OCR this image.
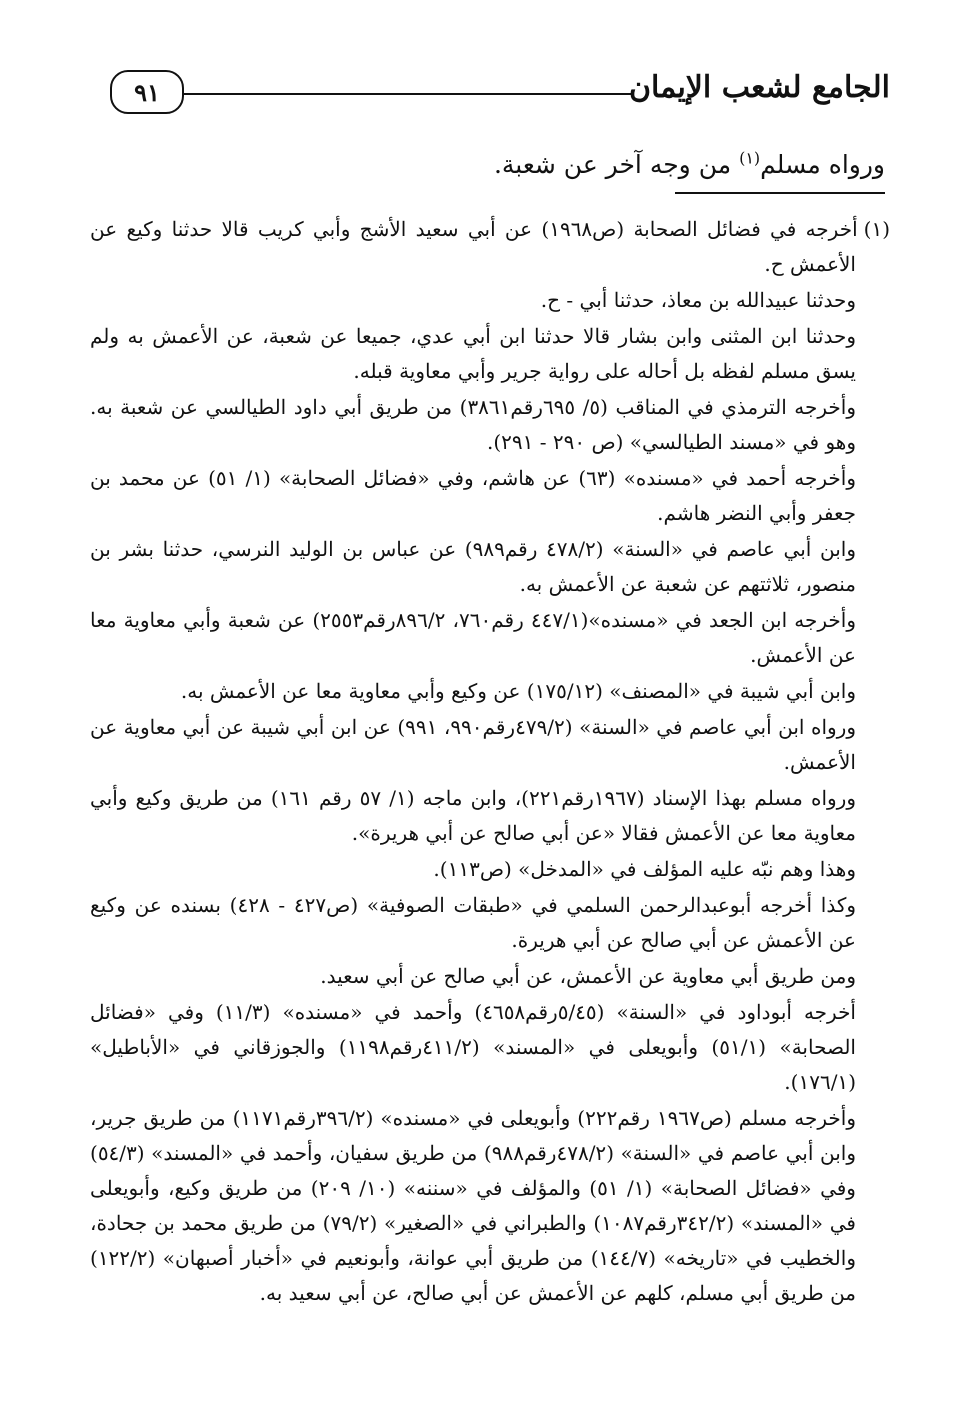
الجامع لشعب الإيمان
٩١
ورواه مسلم$^{(١)}$ من وجه آخر عن شعبة.

(١)أخرجه في فضائل الصحابة (ص١٩٦٨) عن أبي سعيد الأشج وأبي كريب قالا حدثنا وكيع عن الأعمش ح.

وحدثنا عبيدالله بن معاذ، حدثنا أبي - ح.

وحدثنا ابن المثنى وابن بشار قالا حدثنا ابن أبي عدي، جميعا عن شعبة، عن الأعمش به ولم يسق مسلم لفظه بل أحاله على رواية جرير وأبي معاوية قبله.

وأخرجه الترمذي في المناقب (٥/ ٦٩٥رقم٣٨٦١) من طريق أبي داود الطيالسي عن شعبة به. وهو في «مسند الطيالسي» (ص ٢٩٠ - ٢٩١).

وأخرجه أحمد في «مسنده» (٦٣) عن هاشم، وفي «فضائل الصحابة» (١/ ٥١) عن محمد بن جعفر وأبي النضر هاشم.

وابن أبي عاصم في «السنة» (٤٧٨/٢ رقم٩٨٩) عن عباس بن الوليد النرسي، حدثنا بشر بن منصور، ثلاثتهم عن شعبة عن الأعمش به.

وأخرجه ابن الجعد في «مسنده»(٤٤٧/١ رقم٧٦٠، ٨٩٦/٢رقم٢٥٥٣) عن شعبة وأبي معاوية معا عن الأعمش.

وابن أبي شيبة في «المصنف» (١٧٥/١٢) عن وكيع وأبي معاوية معا عن الأعمش به.

ورواه ابن أبي عاصم في «السنة» (٤٧٩/٢رقم٩٩٠، ٩٩١) عن ابن أبي شيبة عن أبي معاوية عن الأعمش.

ورواه مسلم بهذا الإسناد (١٩٦٧رقم٢٢١)، وابن ماجه (١/ ٥٧ رقم ١٦١) من طريق وكيع وأبي معاوية معا عن الأعمش فقالا «عن أبي صالح عن أبي هريرة».

وهذا وهم نبّه عليه المؤلف في «المدخل» (ص١١٣).

وكذا أخرجه أبوعبدالرحمن السلمي في «طبقات الصوفية» (ص٤٢٧ - ٤٢٨) بسنده عن وكيع عن الأعمش عن أبي صالح عن أبي هريرة.

ومن طريق أبي معاوية عن الأعمش، عن أبي صالح عن أبي سعيد.

أخرجه أبوداود في «السنة» (٥/٤٥رقم٤٦٥٨) وأحمد في «مسنده» (١١/٣) وفي «فضائل الصحابة» (٥١/١) وأبويعلى في «المسند» (٤١١/٢رقم١١٩٨) والجوزقاني في «الأباطيل» (١٧٦/١).

وأخرجه مسلم (ص١٩٦٧ رقم٢٢٢) وأبويعلى في «مسنده» (٣٩٦/٢رقم١١٧١) من طريق جرير، وابن أبي عاصم في «السنة» (٤٧٨/٢رقم٩٨٨) من طريق سفيان، وأحمد في «المسند» (٥٤/٣) وفي «فضائل الصحابة» (١/ ٥١) والمؤلف في «سننه» (١٠/ ٢٠٩) من طريق وكيع، وأبويعلى في «المسند» (٣٤٢/٢رقم١٠٨٧) والطبراني في «الصغير» (٧٩/٢) من طريق محمد بن جحادة، والخطيب في «تاريخه» (١٤٤/٧) من طريق أبي عوانة، وأبونعيم في «أخبار أصبهان» (١٢٢/٢) من طريق أبي مسلم، كلهم عن الأعمش عن أبي صالح، عن أبي سعيد به.
